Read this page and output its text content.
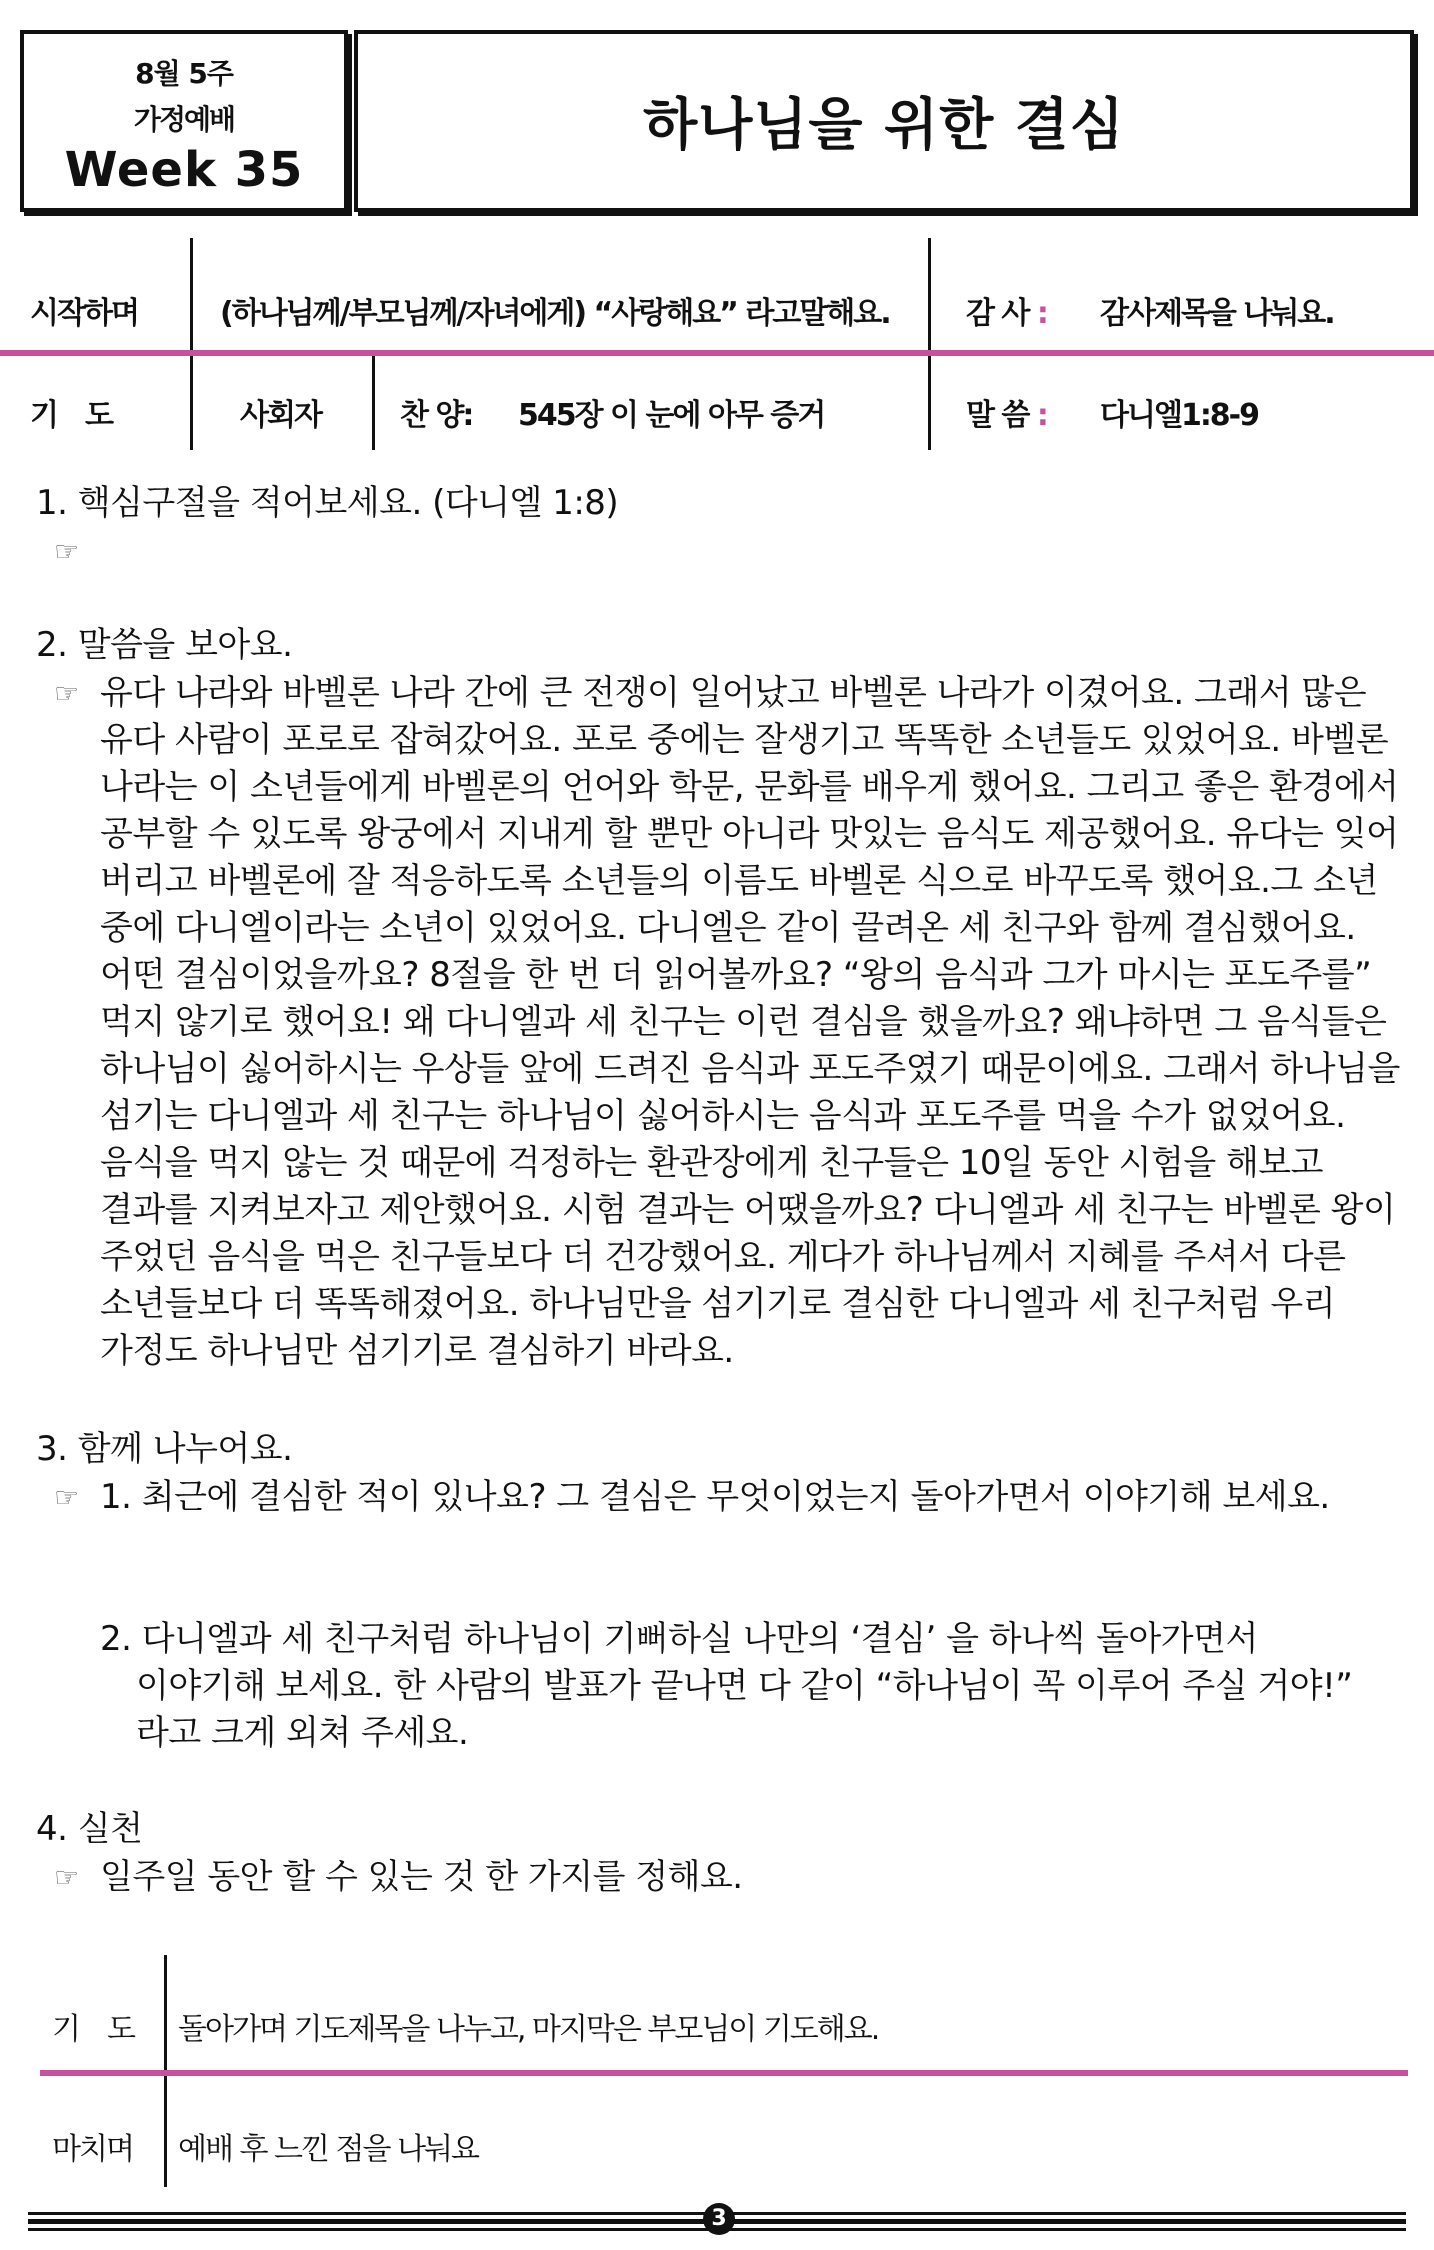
8월 5주
가정예배
Week 35
하나님을 위한 결심
시작하며	(하나님께/부모님께/자녀에게) “사랑해요” 라고말해요.	감 사 : 감사제목을 나눠요.
기　도	사회자	찬 양: 545장 이 눈에 아무 증거	말 씀 : 다니엘1:8-9
1. 핵심구절을 적어보세요. (다니엘 1:8)
☞
2. 말씀을 보아요.
☞ 유다 나라와 바벨론 나라 간에 큰 전쟁이 일어났고 바벨론 나라가 이겼어요. 그래서 많은
유다 사람이 포로로 잡혀갔어요. 포로 중에는 잘생기고 똑똑한 소년들도 있었어요. 바벨론
나라는 이 소년들에게 바벨론의 언어와 학문, 문화를 배우게 했어요. 그리고 좋은 환경에서
공부할 수 있도록 왕궁에서 지내게 할 뿐만 아니라 맛있는 음식도 제공했어요. 유다는 잊어
버리고 바벨론에 잘 적응하도록 소년들의 이름도 바벨론 식으로 바꾸도록 했어요.그 소년
중에 다니엘이라는 소년이 있었어요. 다니엘은 같이 끌려온 세 친구와 함께 결심했어요.
어떤 결심이었을까요? 8절을 한 번 더 읽어볼까요? “왕의 음식과 그가 마시는 포도주를”
먹지 않기로 했어요! 왜 다니엘과 세 친구는 이런 결심을 했을까요? 왜냐하면 그 음식들은
하나님이 싫어하시는 우상들 앞에 드려진 음식과 포도주였기 때문이에요. 그래서 하나님을
섬기는 다니엘과 세 친구는 하나님이 싫어하시는 음식과 포도주를 먹을 수가 없었어요.
음식을 먹지 않는 것 때문에 걱정하는 환관장에게 친구들은 10일 동안 시험을 해보고
결과를 지켜보자고 제안했어요. 시험 결과는 어땠을까요? 다니엘과 세 친구는 바벨론 왕이
주었던 음식을 먹은 친구들보다 더 건강했어요. 게다가 하나님께서 지혜를 주셔서 다른
소년들보다 더 똑똑해졌어요. 하나님만을 섬기기로 결심한 다니엘과 세 친구처럼 우리
가정도 하나님만 섬기기로 결심하기 바라요.
3. 함께 나누어요.
☞ 1. 최근에 결심한 적이 있나요? 그 결심은 무엇이었는지 돌아가면서 이야기해 보세요.
2. 다니엘과 세 친구처럼 하나님이 기뻐하실 나만의 ‘결심’ 을 하나씩 돌아가면서
이야기해 보세요. 한 사람의 발표가 끝나면 다 같이 “하나님이 꼭 이루어 주실 거야!”
라고 크게 외쳐 주세요.
4. 실천
☞ 일주일 동안 할 수 있는 것 한 가지를 정해요.
기　도 돌아가며 기도제목을 나누고, 마지막은 부모님이 기도해요.
마치며 예배 후 느낀 점을 나눠요
3
